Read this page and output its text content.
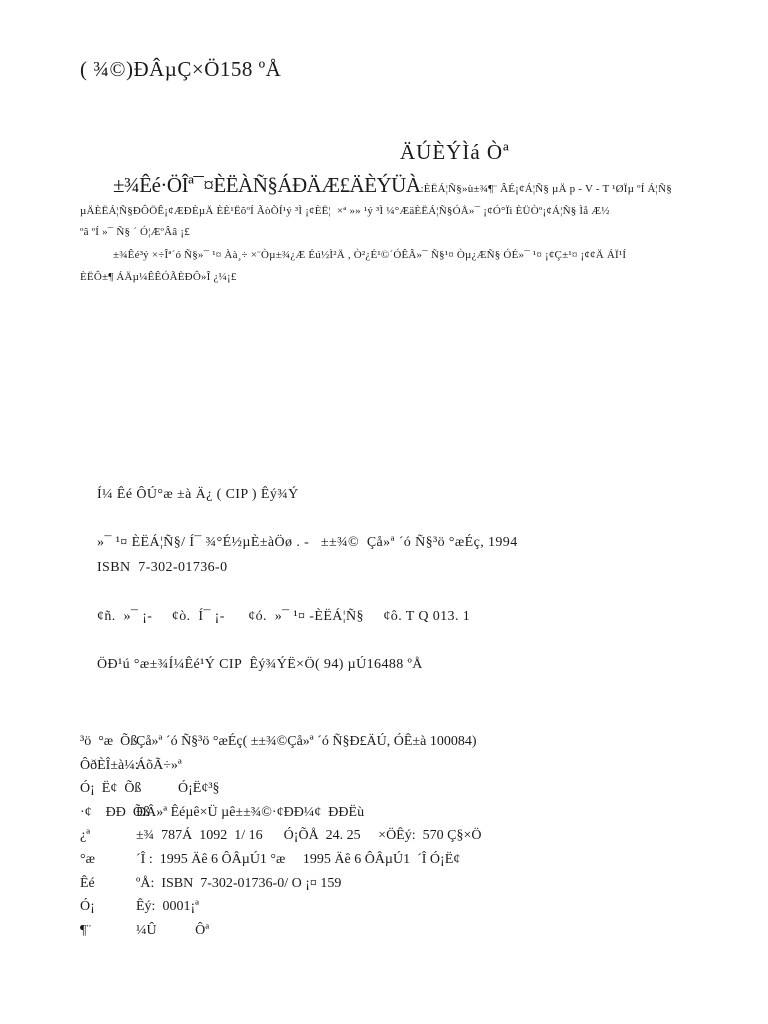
( ¾©)ÐÂµÇ×Ö158 ºÅ
ÄÚÈÝÌá Òª
±¾Êé·ÖÎª¯¤ÈËÀÑ§ÁÐÄÆ£ÄÈÝÜÀ:ÈËÁ¦Ñ§»ù±¾¶¨ ÂÉ¡¢Á¦Ñ§ µÄ p - V - T ¹ØÏµ ºÍ Á¦Ñ§
µÄÈËÁ¦Ñ§ÐÔÖÊ¡¢ÆÐÈµÄ ÈÈ¹ËõºÍ ÃòÕÍ¹ý ³Ì ¡¢ÈË¦  ×ª »» ¹ý ³Ì ¼°ÆäÈËÁ¦Ñ§ÓÅ»¯ ¡¢Ó°Ïì ÈÜÒº¡¢Á¦Ñ§ Ìå Æ½
ºâ ºÍ »¯ Ñ§ ´ Ó¦ÆºÂâ ¡£
±¾Êé³ý ×÷Îª´ó Ñ§»¯ ¹¤ Àà¸÷ ×¨Òµ±¾¿Æ Éú½Ì²Ä , Ò²¿É¹©´ÓÊÂ»¯ Ñ§¹¤ Òµ¿ÆÑ§ ÓÉ»¯ ¹¤ ¡¢Ç±¹¤ ¡¢¢Ä ÁÏ¹Í
ÈËÔ±¶ ÁÄµ¼ÊÊÓÃÈÐÔ»Î ¿¼¡£
Í¼ Êé ÔÚ°æ ±à Ä¿ ( CIP ) Êý¾Ý
»¯ ¹¤ ÈËÁ¦Ñ§/ Í¯ ¾°É½µÈ±àÖø . -   ±±¾©  Çå»ª ´ó Ñ§³ö °æÉç, 1994
ISBN  7-302-01736-0
¢ñ.  »¯ ¡-     ¢ò.  Í¯ ¡-      ¢ó.  »¯ ¹¤ -ÈËÁ¦Ñ§     ¢ô. T Q 013. 1
ÖÐ¹ú °æ±¾Í¼Êé¹Ý CIP  Êý¾ÝË×Ö( 94) µÚ16488 ºÅ
³ö  °æ  Õß
Çå»ª ´ó Ñ§³ö °æÉç( ±±¾©Çå»ª ´ó Ñ§Ð£ÄÚ, ÓÊ±à 100084)
ÔðÈÎ±à¼:
ÁõÃ÷»ª
Ó¡  Ë¢  Õß
Ó¡Ë¢³§
·¢    ÐÐ  Õß
ÐÂ»ª Êéµê×Ü µê±±¾©·¢ÐÐ¼¢  ÐÐËù
¿ª	±¾  787Á  1092  1/ 16      Ó¡ÕÅ  24. 25     ×ÖÊý:  570 Ç§×Ö
°æ	´Î :  1995 Äê 6 ÔÂµÚ1 °æ     1995 Äê 6 ÔÂµÚ1  ´Î Ó¡Ë¢
Êé	ºÅ:  ISBN  7-302-01736-0/ O ¡¤ 159
Ó¡	Êý:  0001¡ª
¶¨	¼Û           Ôª
